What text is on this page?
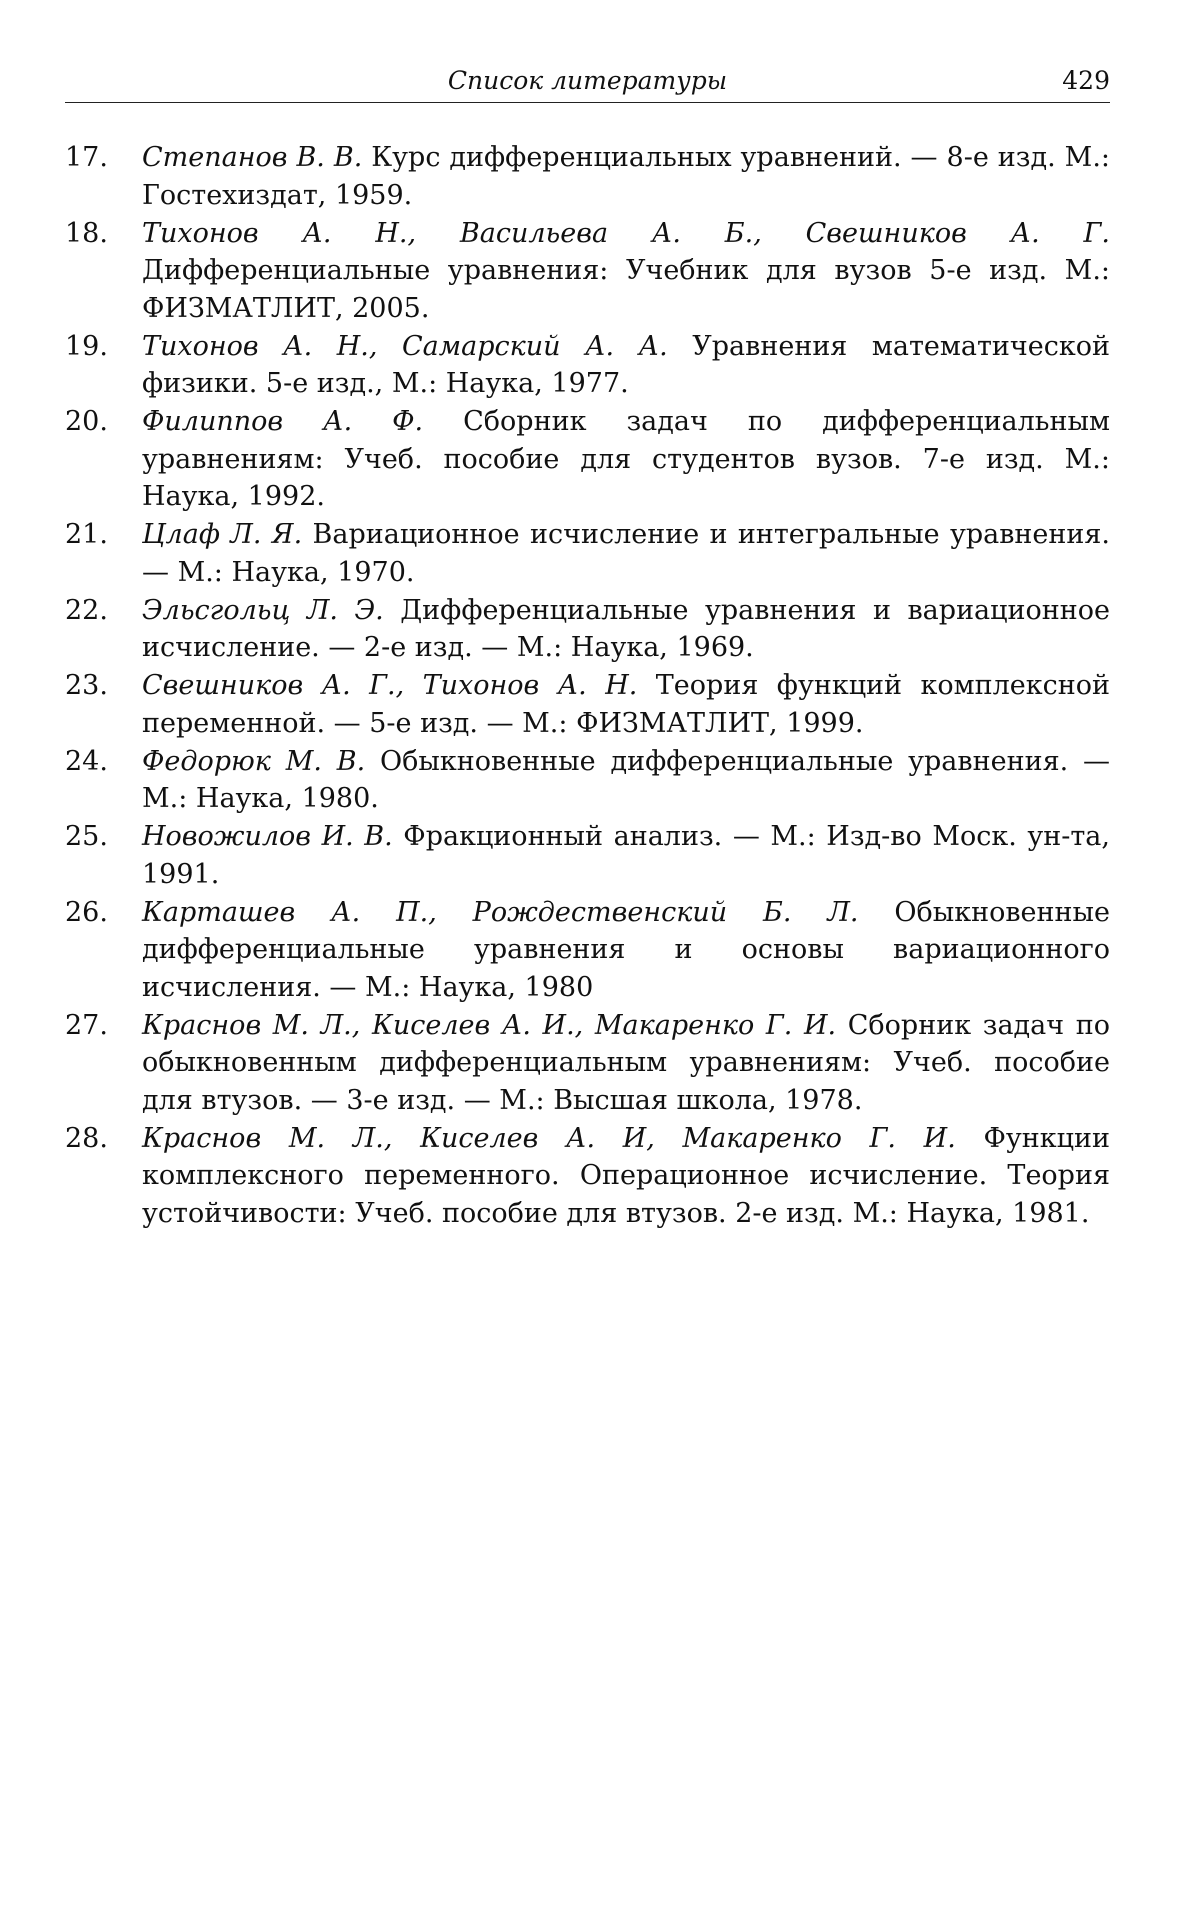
Список литературы	429
17. Степанов В. В. Курс дифференциальных уравнений. — 8-е изд. М.: Гостехиздат, 1959.
18. Тихонов А. Н., Васильева А. Б., Свешников А. Г. Дифференциальные уравнения: Учебник для вузов 5-е изд. М.: ФИЗМАТЛИТ, 2005.
19. Тихонов А. Н., Самарский А. А. Уравнения математической физики. 5-е изд., М.: Наука, 1977.
20. Филиппов А. Ф. Сборник задач по дифференциальным уравнениям: Учеб. пособие для студентов вузов. 7-е изд. М.: Наука, 1992.
21. Цлаф Л. Я. Вариационное исчисление и интегральные уравнения. — М.: Наука, 1970.
22. Эльсгольц Л. Э. Дифференциальные уравнения и вариационное исчисление. — 2-е изд. — М.: Наука, 1969.
23. Свешников А. Г., Тихонов А. Н. Теория функций комплексной переменной. — 5-е изд. — М.: ФИЗМАТЛИТ, 1999.
24. Федорюк М. В. Обыкновенные дифференциальные уравнения. — М.: Наука, 1980.
25. Новожилов И. В. Фракционный анализ. — М.: Изд-во Моск. ун-та, 1991.
26. Карташев А. П., Рождественский Б. Л. Обыкновенные дифференциальные уравнения и основы вариационного исчисления. — М.: Наука, 1980
27. Краснов М. Л., Киселев А. И., Макаренко Г. И. Сборник задач по обыкновенным дифференциальным уравнениям: Учеб. пособие для втузов. — 3-е изд. — М.: Высшая школа, 1978.
28. Краснов М. Л., Киселев А. И, Макаренко Г. И. Функции комплексного переменного. Операционное исчисление. Теория устойчивости: Учеб. пособие для втузов. 2-е изд. М.: Наука, 1981.
